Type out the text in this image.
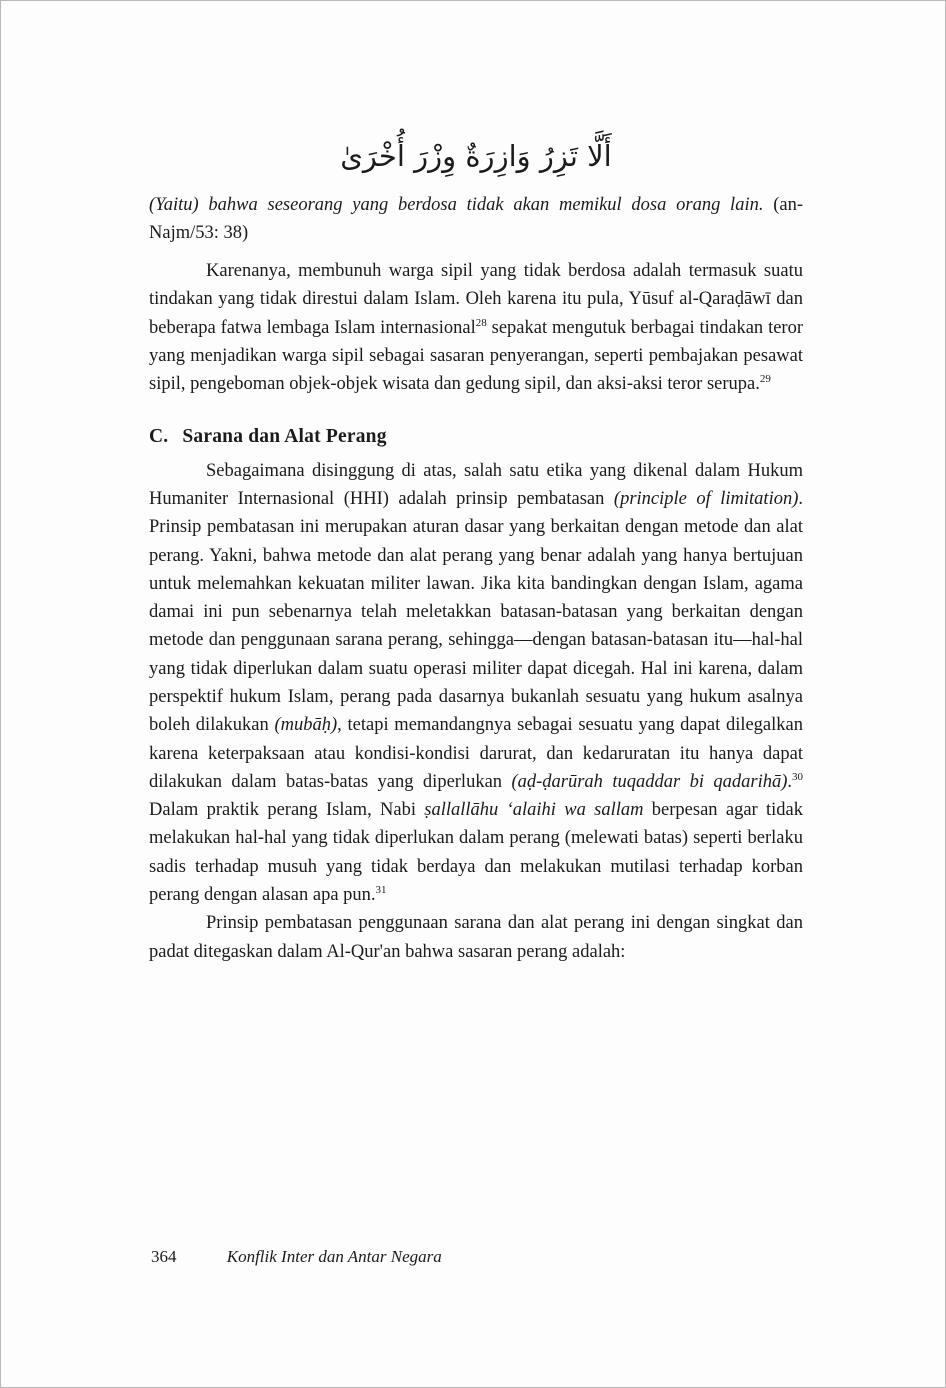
أَلَّا تَزِرُ وَازِرَةٌ وِزْرَ أُخْرَىٰ

(Yaitu) bahwa seseorang yang berdosa tidak akan memikul dosa orang lain. (an-Najm/53: 38)

Karenanya, membunuh warga sipil yang tidak berdosa adalah termasuk suatu tindakan yang tidak direstui dalam Islam. Oleh karena itu pula, Yūsuf al-Qaraḍāwī dan beberapa fatwa lembaga Islam internasional$^{28}$ sepakat mengutuk berbagai tindakan teror yang menjadikan warga sipil sebagai sasaran penyerangan, seperti pembajakan pesawat sipil, pengeboman objek-objek wisata dan gedung sipil, dan aksi-aksi teror serupa.$^{29}$

C. Sarana dan Alat Perang

Sebagaimana disinggung di atas, salah satu etika yang dikenal dalam Hukum Humaniter Internasional (HHI) adalah prinsip pembatasan (principle of limitation). Prinsip pembatasan ini merupakan aturan dasar yang berkaitan dengan metode dan alat perang. Yakni, bahwa metode dan alat perang yang benar adalah yang hanya bertujuan untuk melemahkan kekuatan militer lawan. Jika kita bandingkan dengan Islam, agama damai ini pun sebenarnya telah meletakkan batasan-batasan yang berkaitan dengan metode dan penggunaan sarana perang, sehingga—dengan batasan-batasan itu—hal-hal yang tidak diperlukan dalam suatu operasi militer dapat dicegah. Hal ini karena, dalam perspektif hukum Islam, perang pada dasarnya bukanlah sesuatu yang hukum asalnya boleh dilakukan (mubāḥ), tetapi memandangnya sebagai sesuatu yang dapat dilegalkan karena keterpaksaan atau kondisi-kondisi darurat, dan kedaruratan itu hanya dapat dilakukan dalam batas-batas yang diperlukan (aḍ-ḍarūrah tuqaddar bi qadarihā).$^{30}$ Dalam praktik perang Islam, Nabi ṣallallāhu ‘alaihi wa sallam berpesan agar tidak melakukan hal-hal yang tidak diperlukan dalam perang (melewati batas) seperti berlaku sadis terhadap musuh yang tidak berdaya dan melakukan mutilasi terhadap korban perang dengan alasan apa pun.$^{31}$

Prinsip pembatasan penggunaan sarana dan alat perang ini dengan singkat dan padat ditegaskan dalam Al-Qur'an bahwa sasaran perang adalah:

364	Konflik Inter dan Antar Negara
